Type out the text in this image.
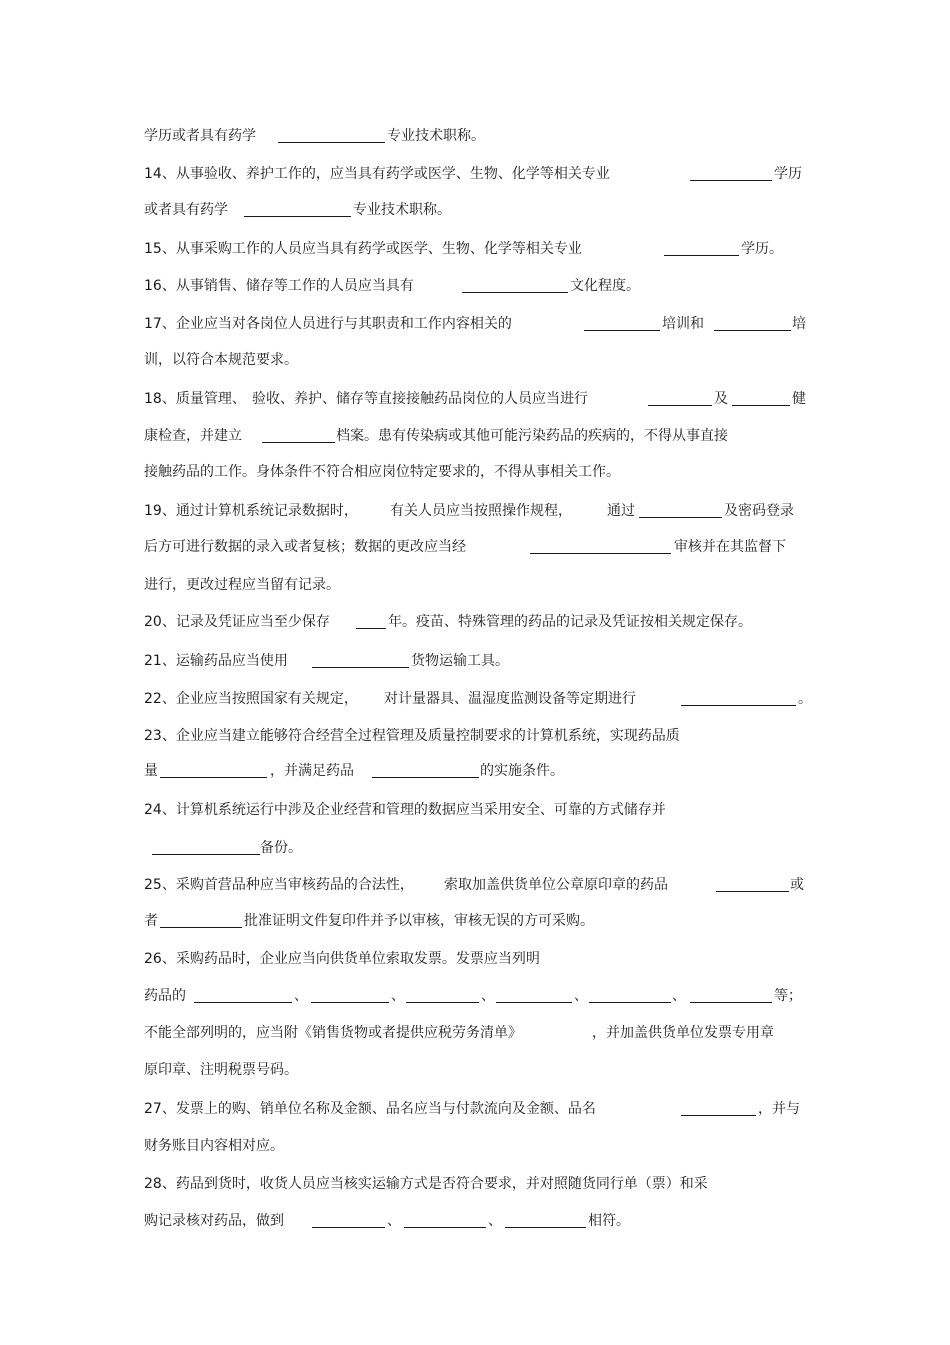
学历或者具有药学	专业技术职称。
14、从事验收、养护工作的，应当具有药学或医学、生物、化学等相关专业	学历
或者具有药学	专业技术职称。
15、从事采购工作的人员应当具有药学或医学、生物、化学等相关专业	学历。
16、从事销售、储存等工作的人员应当具有	文化程度。
17、企业应当对各岗位人员进行与其职责和工作内容相关的	培训和	培
训，以符合本规范要求。
18、质量管理、 验收、养护、储存等直接接触药品岗位的人员应当进行	及	健
康检查，并建立	档案。患有传染病或其他可能污染药品的疾病的，不得从事直接
接触药品的工作。身体条件不符合相应岗位特定要求的，不得从事相关工作。
19、通过计算机系统记录数据时， 有关人员应当按照操作规程，	通过	及密码登录
后方可进行数据的录入或者复核；数据的更改应当经	审核并在其监督下
进行，更改过程应当留有记录。
20、记录及凭证应当至少保存	年。疫苗、特殊管理的药品的记录及凭证按相关规定保存。
21、运输药品应当使用	货物运输工具。
22、企业应当按照国家有关规定， 对计量器具、温湿度监测设备等定期进行	。
23、企业应当建立能够符合经营全过程管理及质量控制要求的计算机系统，实现药品质
量	，并满足药品	的实施条件。
24、计算机系统运行中涉及企业经营和管理的数据应当采用安全、可靠的方式储存并
备份。
25、采购首营品种应当审核药品的合法性， 索取加盖供货单位公章原印章的药品	或
者	批准证明文件复印件并予以审核，审核无误的方可采购。
26、采购药品时，企业应当向供货单位索取发票。发票应当列明
药品的	、	、	、	、	、	等；
不能全部列明的，应当附《销售货物或者提供应税劳务清单》	，并加盖供货单位发票专用章
原印章、注明税票号码。
27、发票上的购、销单位名称及金额、品名应当与付款流向及金额、品名	，并与
财务账目内容相对应。
28、药品到货时，收货人员应当核实运输方式是否符合要求，并对照随货同行单（票）和采
购记录核对药品，做到	、	、	相符。
